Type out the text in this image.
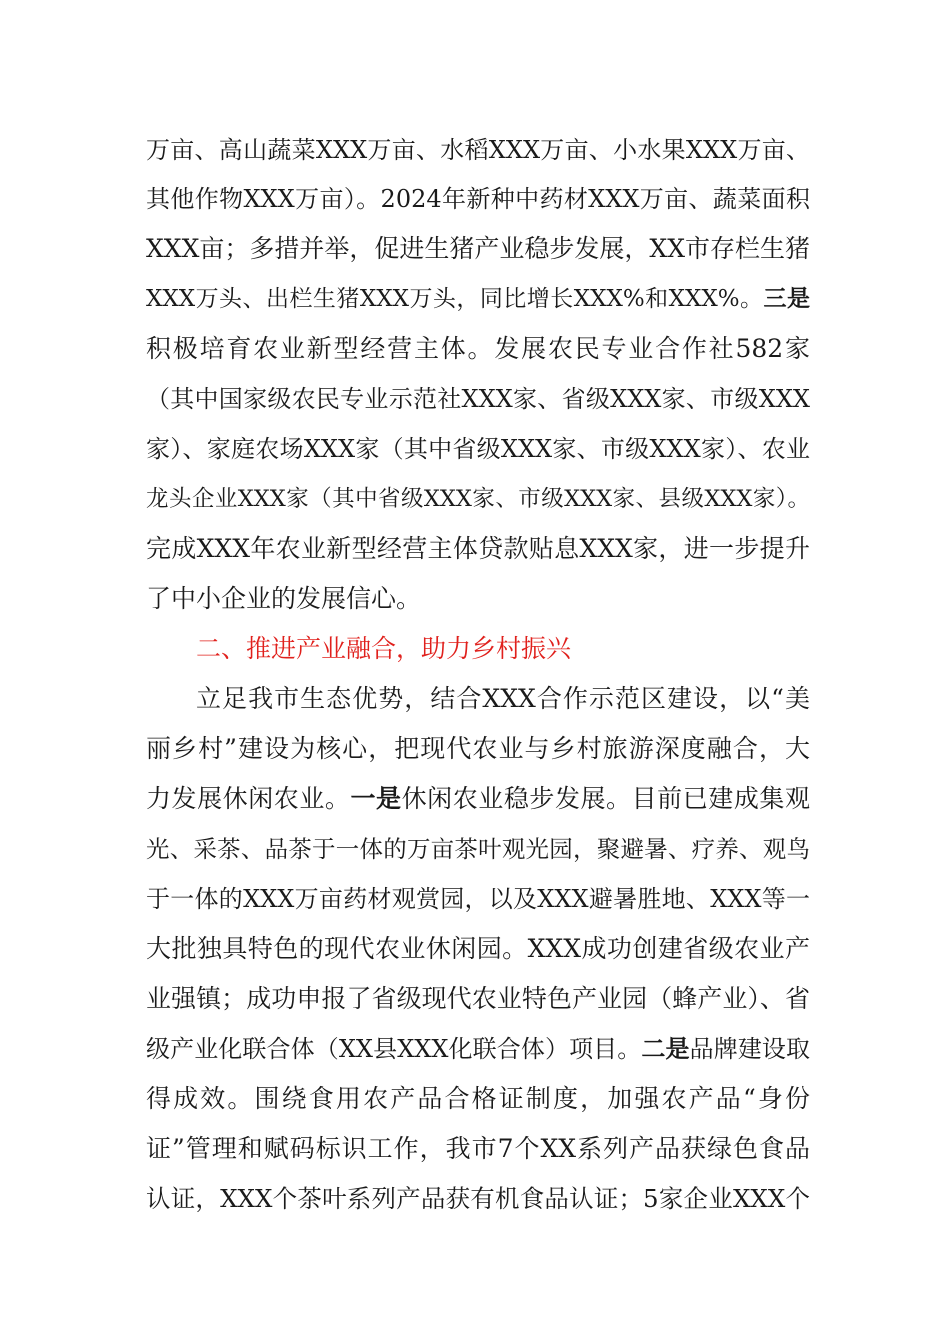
万亩、高山蔬菜XXX万亩、水稻XXX万亩、小水果XXX万亩、
其他作物XXX万亩）。2024年新种中药材XXX万亩、蔬菜面积
XXX亩；多措并举，促进生猪产业稳步发展，XX市存栏生猪
XXX万头、出栏生猪XXX万头，同比增长XXX%和XXX%。三是
积极培育农业新型经营主体。发展农民专业合作社582家
（其中国家级农民专业示范社XXX家、省级XXX家、市级XXX
家）、家庭农场XXX家（其中省级XXX家、市级XXX家）、农业
龙头企业XXX家（其中省级XXX家、市级XXX家、县级XXX家）。
完成XXX年农业新型经营主体贷款贴息XXX家，进一步提升
了中小企业的发展信心。
二、推进产业融合，助力乡村振兴
立足我市生态优势，结合XXX合作示范区建设，以“美
丽乡村”建设为核心，把现代农业与乡村旅游深度融合，大
力发展休闲农业。一是休闲农业稳步发展。目前已建成集观
光、采茶、品茶于一体的万亩茶叶观光园，聚避暑、疗养、观鸟
于一体的XXX万亩药材观赏园，以及XXX避暑胜地、XXX等一
大批独具特色的现代农业休闲园。XXX成功创建省级农业产
业强镇；成功申报了省级现代农业特色产业园（蜂产业）、省
级产业化联合体（XX县XXX化联合体）项目。二是品牌建设取
得成效。围绕食用农产品合格证制度，加强农产品“身份
证”管理和赋码标识工作，我市7个XX系列产品获绿色食品
认证，XXX个茶叶系列产品获有机食品认证；5家企业XXX个
